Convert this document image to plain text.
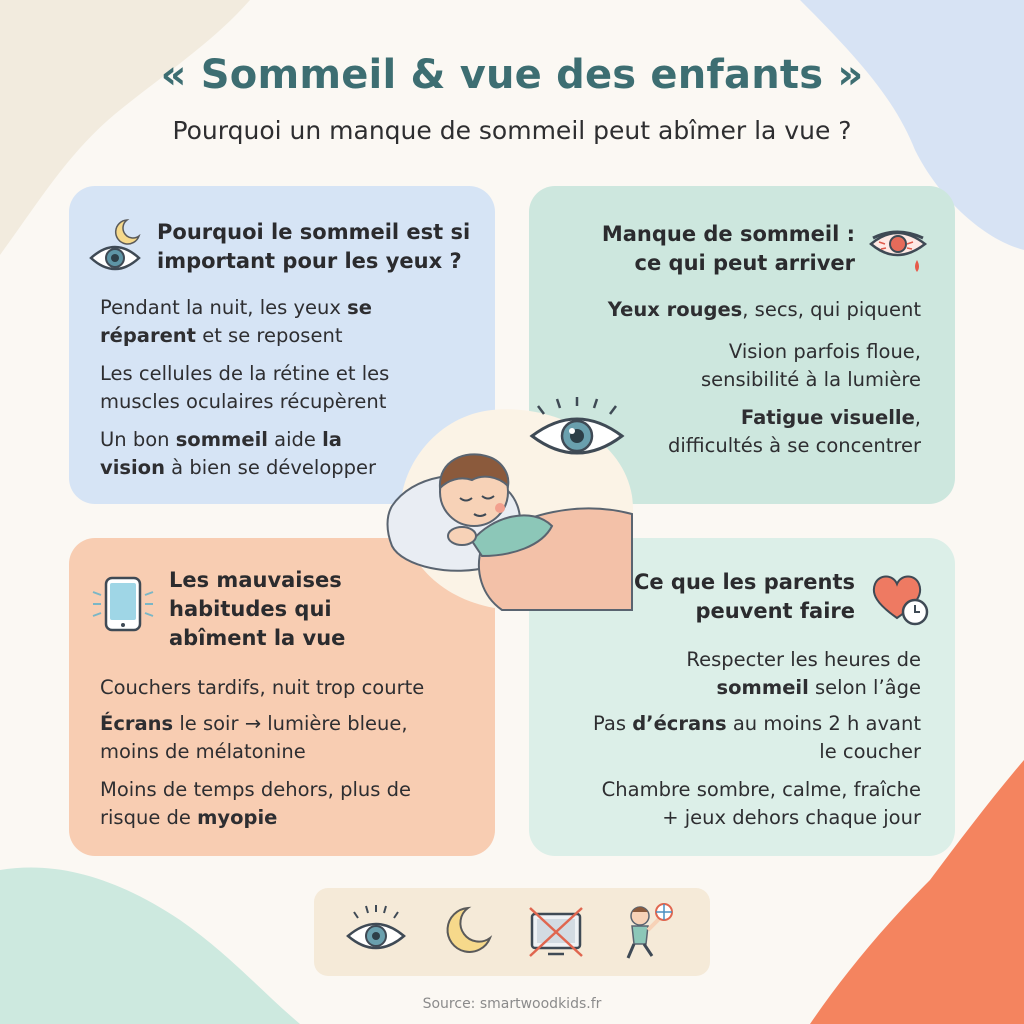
« Sommeil & vue des enfants »
Pourquoi un manque de sommeil peut abîmer la vue ?
Pourquoi le sommeil est si
important pour les yeux ?
Pendant la nuit, les yeux se
réparent et se reposent
Les cellules de la rétine et les
muscles oculaires récupèrent
Un bon sommeil aide la
vision à bien se développer
Manque de sommeil :
ce qui peut arriver
Yeux rouges, secs, qui piquent
Vision parfois floue,
sensibilité à la lumière
Fatigue visuelle,
difficultés à se concentrer
Les mauvaises
habitudes qui
abîment la vue
Couchers tardifs, nuit trop courte
Écrans le soir → lumière bleue,
moins de mélatonine
Moins de temps dehors, plus de
risque de myopie
Ce que les parents
peuvent faire
Respecter les heures de
sommeil selon l’âge
Pas d’écrans au moins 2 h avant
le coucher
Chambre sombre, calme, fraîche
+ jeux dehors chaque jour
Source: smartwoodkids.fr
